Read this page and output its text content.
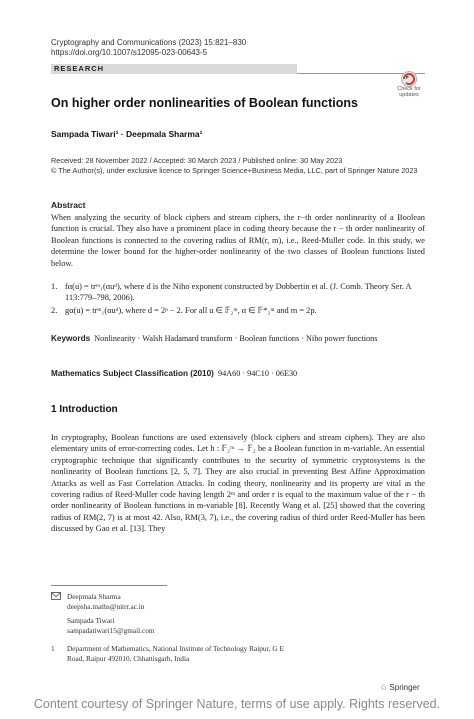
Cryptography and Communications (2023) 15:821–830
https://doi.org/10.1007/s12095-023-00643-5
RESEARCH
Check for
updates
On higher order nonlinearities of Boolean functions
Sampada Tiwari¹ · Deepmala Sharma¹
Received: 28 November 2022 / Accepted: 30 March 2023 / Published online: 30 May 2023
© The Author(s), under exclusive licence to Springer Science+Business Media, LLC, part of Springer Nature 2023
Abstract

When analyzing the security of block ciphers and stream ciphers, the r−th order nonlinearity of a Boolean function is crucial. They also have a prominent place in coding theory because the r − th order nonlinearity of Boolean functions is connected to the covering radius of RM(r, m), i.e., Reed-Muller code. In this study, we determine the lower bound for the higher-order nonlinearity of the two classes of Boolean functions listed below.

1. fα(u) = trᵐ₁(αuᵈ), where d is the Niho exponent constructed by Dobbertin et al. (J. Comb. Theory Ser. A 113:779–798, 2006).
2. gα(u) = trᵐ₁(αuᵈ), where d = 2ᵖ − 2. For all u ∈ 𝔽₂ᵐ, α ∈ 𝔽*₂ᵐ and m = 2p.
Keywords Nonlinearity · Walsh Hadamard transform · Boolean functions · Niho power functions
Mathematics Subject Classification (2010) 94A60 · 94C10 · 06E30
1 Introduction

In cryptography, Boolean functions are used extensively (block ciphers and stream ciphers). They are also elementary units of error-correcting codes. Let h : 𝔽₂ᵐ → 𝔽₂ be a Boolean function in m-variable. An essential cryptographic technique that significantly contributes to the security of symmetric cryptosystems is the nonlinearity of Boolean functions [2, 5, 7]. They are also crucial in preventing Best Affine Approximation Attacks as well as Fast Correlation Attacks. In coding theory, nonlinearity and its property are vital as the covering radius of Reed-Muller code having length 2ᵐ and order r is equal to the maximum value of the r − th order nonlinearity of Boolean functions in m-variable [8]. Recently Wang et al. [25] showed that the covering radius of RM(2, 7) is at most 42. Also, RM(3, 7), i.e., the covering radius of third order Reed-Muller has been discussed by Gao et al. [13]. They

Deepmala Sharma
deepsha.maths@nitrr.ac.in
Sampada Tiwari
sampadatiwari15@gmail.com
1	Department of Mathematics, National Institute of Technology Raipur, G E Road, Raipur 492010, Chhattisgarh, India
♘ Springer
Content courtesy of Springer Nature, terms of use apply. Rights reserved.
